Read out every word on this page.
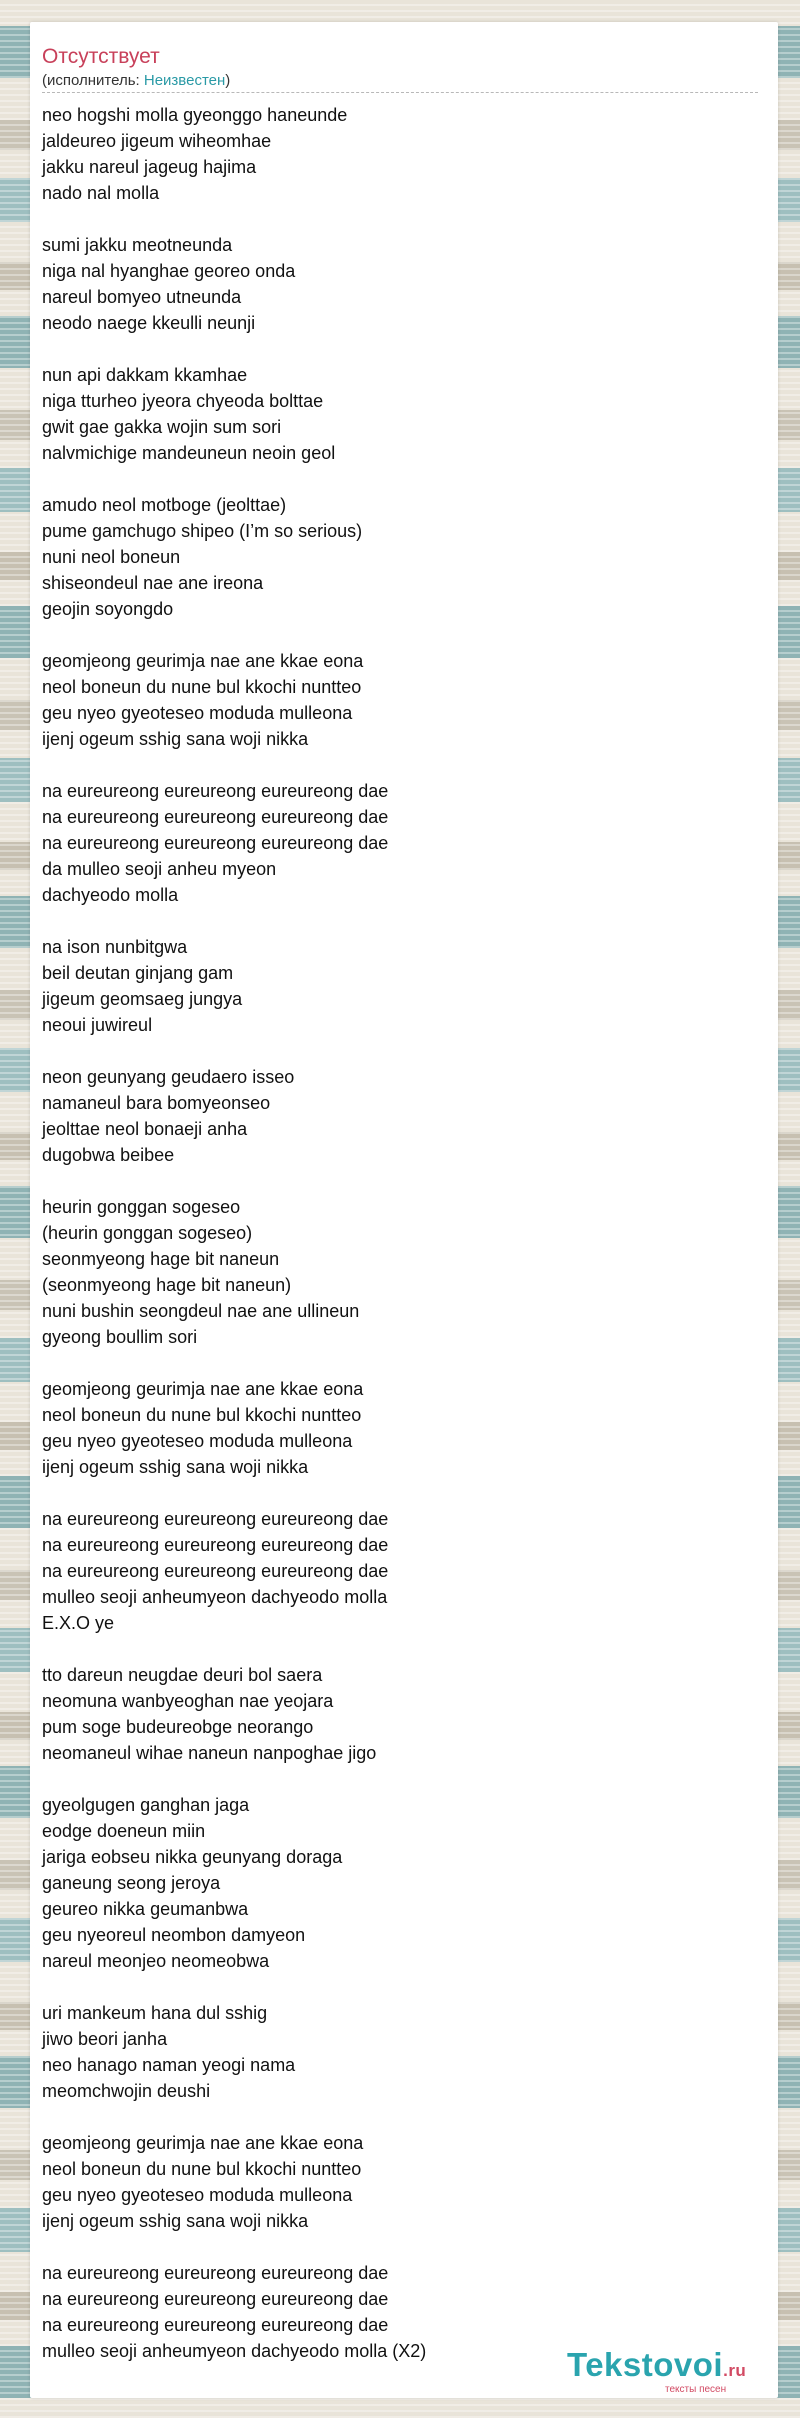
Отсутствует
(исполнитель: Неизвестен)
neo hogshi molla gyeonggo haneunde
jaldeureo jigeum wiheomhae
jakku nareul jageug hajima
nado nal molla
sumi jakku meotneunda
niga nal hyanghae georeo onda
nareul bomyeo utneunda
neodo naege kkeulli neunji
nun api dakkam kkamhae
niga tturheo jyeora chyeoda bolttae
gwit gae gakka wojin sum sori
nalvmichige mandeuneun neoin geol
amudo neol motboge (jeolttae)
pume gamchugo shipeo (I’m so serious)
nuni neol boneun
shiseondeul nae ane ireona
geojin soyongdo
geomjeong geurimja nae ane kkae eona
neol boneun du nune bul kkochi nuntteo
geu nyeo gyeoteseo moduda mulleona
ijenj ogeum sshig sana woji nikka
na eureureong eureureong eureureong dae
na eureureong eureureong eureureong dae
na eureureong eureureong eureureong dae
da mulleo seoji anheu myeon
dachyeodo molla
na ison nunbitgwa
beil deutan ginjang gam
jigeum geomsaeg jungya
neoui juwireul
neon geunyang geudaero isseo
namaneul bara bomyeonseo
jeolttae neol bonaeji anha
dugobwa beibee
heurin gonggan sogeseo
(heurin gonggan sogeseo)
seonmyeong hage bit naneun
(seonmyeong hage bit naneun)
nuni bushin seongdeul nae ane ullineun
gyeong boullim sori
geomjeong geurimja nae ane kkae eona
neol boneun du nune bul kkochi nuntteo
geu nyeo gyeoteseo moduda mulleona
ijenj ogeum sshig sana woji nikka
na eureureong eureureong eureureong dae
na eureureong eureureong eureureong dae
na eureureong eureureong eureureong dae
mulleo seoji anheumyeon dachyeodo molla
E.X.O ye
tto dareun neugdae deuri bol saera
neomuna wanbyeoghan nae yeojara
pum soge budeureobge neorango
neomaneul wihae naneun nanpoghae jigo
gyeolgugen ganghan jaga
eodge doeneun miin
jariga eobseu nikka geunyang doraga
ganeung seong jeroya
geureo nikka geumanbwa
geu nyeoreul neombon damyeon
nareul meonjeo neomeobwa
uri mankeum hana dul sshig
jiwo beori janha
neo hanago naman yeogi nama
meomchwojin deushi
geomjeong geurimja nae ane kkae eona
neol boneun du nune bul kkochi nuntteo
geu nyeo gyeoteseo moduda mulleona
ijenj ogeum sshig sana woji nikka
na eureureong eureureong eureureong dae
na eureureong eureureong eureureong dae
na eureureong eureureong eureureong dae
mulleo seoji anheumyeon dachyeodo molla (X2)	Tekstovoi.ru
тексты песен
